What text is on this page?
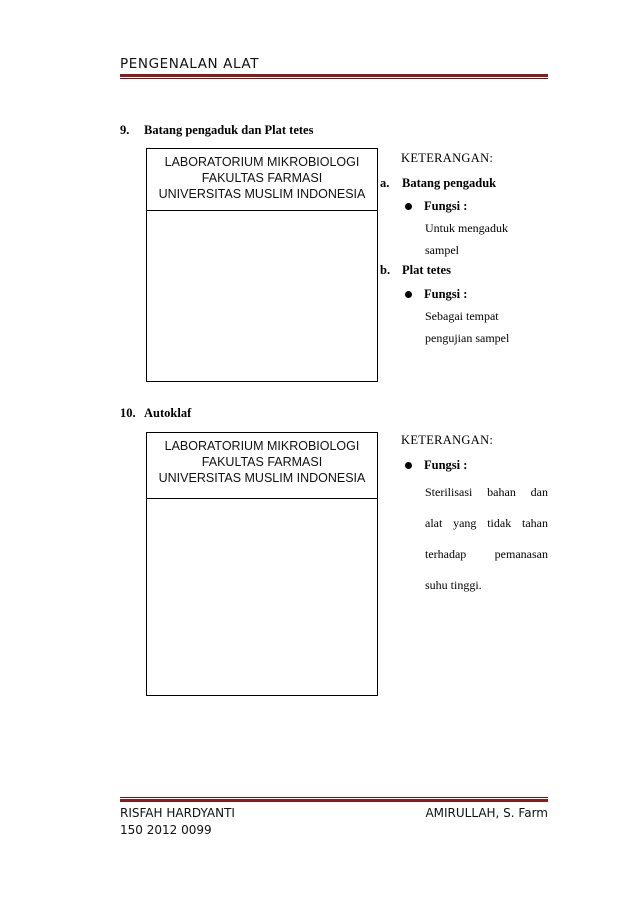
PENGENALAN ALAT
9. Batang pengaduk dan Plat tetes
LABORATORIUM MIKROBIOLOGI
FAKULTAS FARMASI
UNIVERSITAS MUSLIM INDONESIA
KETERANGAN:
a. Batang pengaduk
Fungsi :
Untuk mengaduk
sampel
b. Plat tetes
Fungsi :
Sebagai tempat
pengujian sampel
10. Autoklaf
LABORATORIUM MIKROBIOLOGI
FAKULTAS FARMASI
UNIVERSITAS MUSLIM INDONESIA
KETERANGAN:
Fungsi :
Sterilisasi bahan dan
alat yang tidak tahan
terhadap pemanasan
suhu tinggi.
RISFAH HARDYANTI
150 2012 0099
AMIRULLAH, S. Farm
